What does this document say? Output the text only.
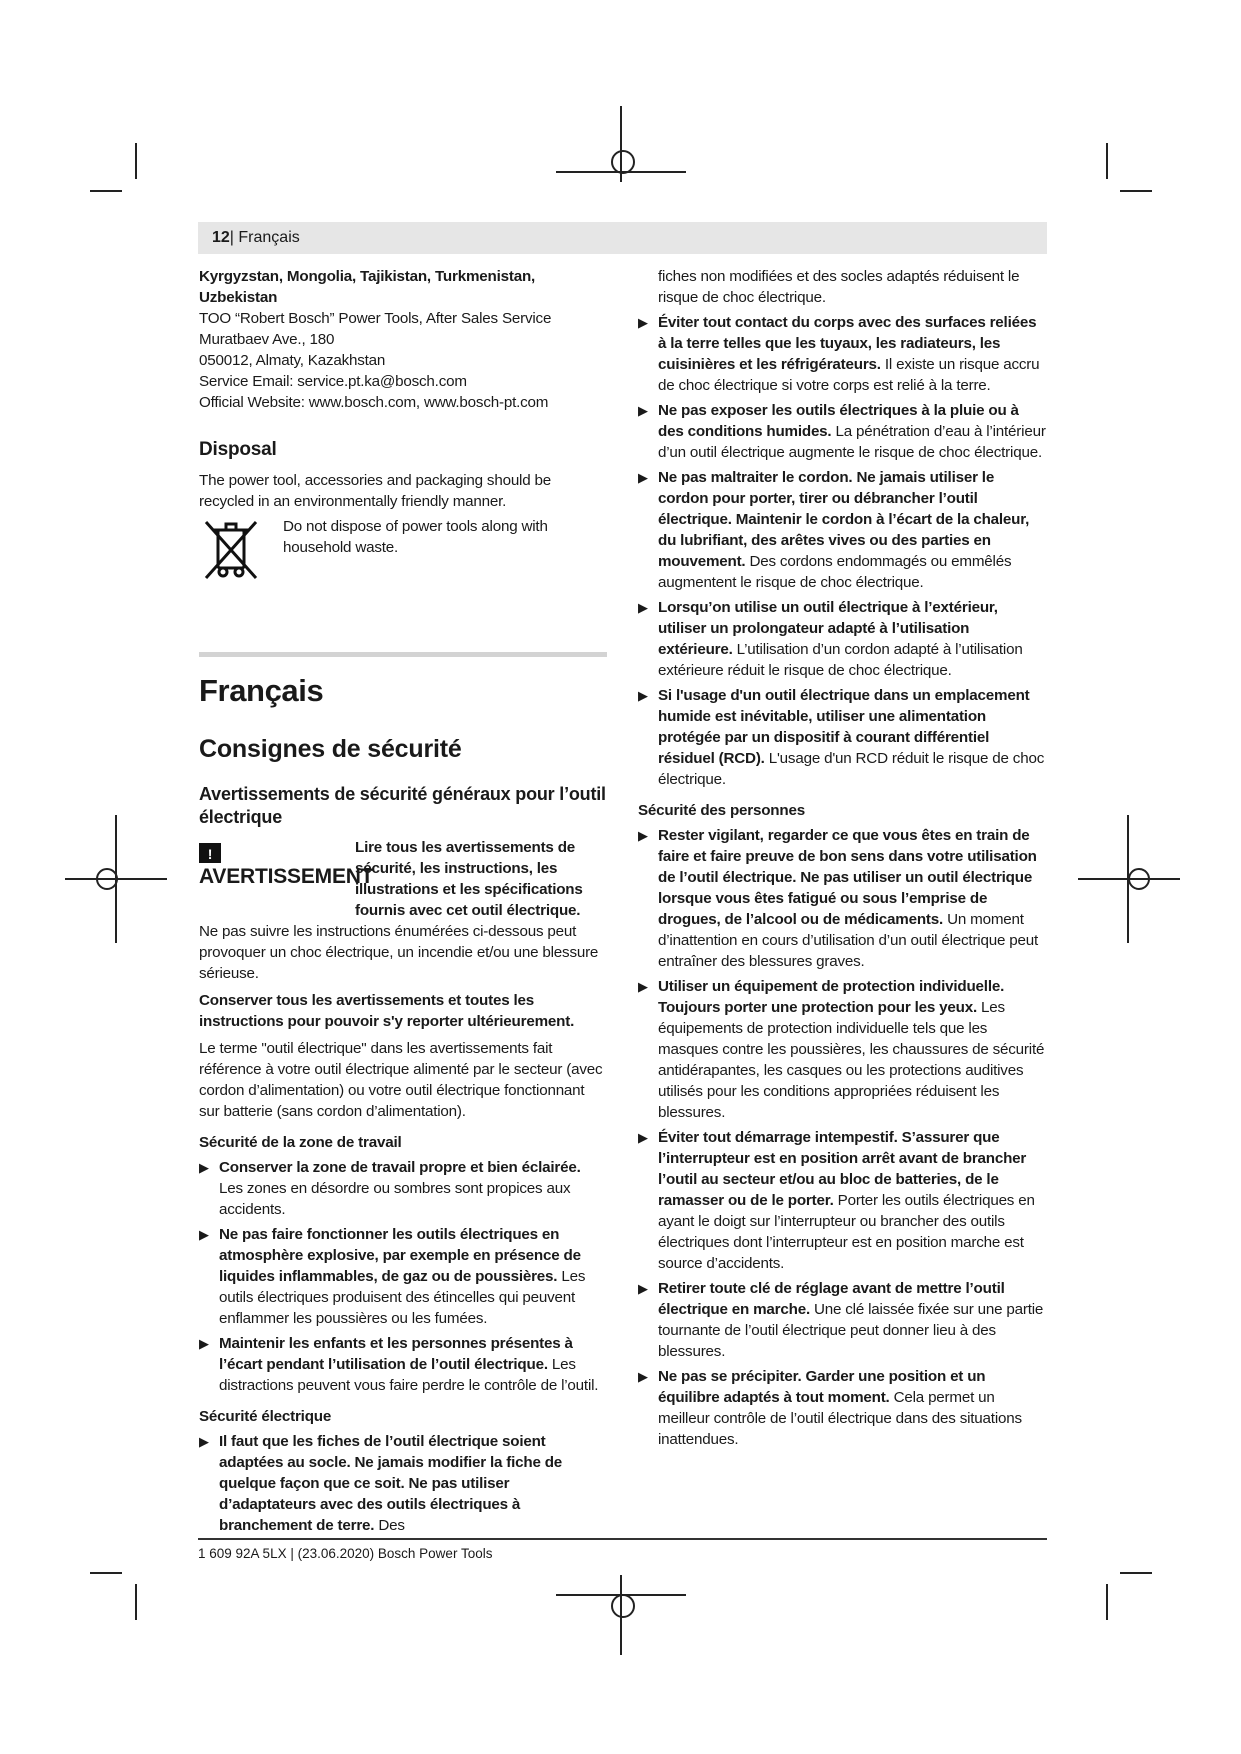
12| Français

Kyrgyzstan, Mongolia, Tajikistan, Turkmenistan, Uzbekistan

TOO “Robert Bosch” Power Tools, After Sales Service

Muratbaev Ave., 180

050012, Almaty, Kazakhstan

Service Email: service.pt.ka@bosch.com

Official Website: www.bosch.com, www.bosch-pt.com

Disposal

The power tool, accessories and packaging should be recycled in an environmentally friendly manner.

Do not dispose of power tools along with household waste.

Français
Consignes de sécurité
Avertissements de sécurité généraux pour l’outil électrique
!AVERTISSEMENT

Lire tous les avertissements de sécurité, les instructions, les illustrations et les spécifications fournis avec cet outil électrique.

Ne pas suivre les instructions énumérées ci-dessous peut provoquer un choc électrique, un incendie et/ou une blessure sérieuse.

Conserver tous les avertissements et toutes les instructions pour pouvoir s'y reporter ultérieurement.

Le terme "outil électrique" dans les avertissements fait référence à votre outil électrique alimenté par le secteur (avec cordon d’alimentation) ou votre outil électrique fonctionnant sur batterie (sans cordon d’alimentation).

Sécurité de la zone de travail

▶ Conserver la zone de travail propre et bien éclairée. Les zones en désordre ou sombres sont propices aux accidents.
▶ Ne pas faire fonctionner les outils électriques en atmosphère explosive, par exemple en présence de liquides inflammables, de gaz ou de poussières. Les outils électriques produisent des étincelles qui peuvent enflammer les poussières ou les fumées.
▶ Maintenir les enfants et les personnes présentes à l’écart pendant l’utilisation de l’outil électrique. Les distractions peuvent vous faire perdre le contrôle de l’outil.

Sécurité électrique

▶ Il faut que les fiches de l’outil électrique soient adaptées au socle. Ne jamais modifier la fiche de quelque façon que ce soit. Ne pas utiliser d’adaptateurs avec des outils électriques à branchement de terre. Des

fiches non modifiées et des socles adaptés réduisent le risque de choc électrique.

▶ Éviter tout contact du corps avec des surfaces reliées à la terre telles que les tuyaux, les radiateurs, les cuisinières et les réfrigérateurs. Il existe un risque accru de choc électrique si votre corps est relié à la terre.
▶ Ne pas exposer les outils électriques à la pluie ou à des conditions humides. La pénétration d’eau à l’intérieur d’un outil électrique augmente le risque de choc électrique.
▶ Ne pas maltraiter le cordon. Ne jamais utiliser le cordon pour porter, tirer ou débrancher l’outil électrique. Maintenir le cordon à l’écart de la chaleur, du lubrifiant, des arêtes vives ou des parties en mouvement. Des cordons endommagés ou emmêlés augmentent le risque de choc électrique.
▶ Lorsqu’on utilise un outil électrique à l’extérieur, utiliser un prolongateur adapté à l’utilisation extérieure. L’utilisation d’un cordon adapté à l’utilisation extérieure réduit le risque de choc électrique.
▶ Si l'usage d'un outil électrique dans un emplacement humide est inévitable, utiliser une alimentation protégée par un dispositif à courant différentiel résiduel (RCD). L'usage d'un RCD réduit le risque de choc électrique.

Sécurité des personnes

▶ Rester vigilant, regarder ce que vous êtes en train de faire et faire preuve de bon sens dans votre utilisation de l’outil électrique. Ne pas utiliser un outil électrique lorsque vous êtes fatigué ou sous l’emprise de drogues, de l’alcool ou de médicaments. Un moment d’inattention en cours d’utilisation d’un outil électrique peut entraîner des blessures graves.
▶ Utiliser un équipement de protection individuelle. Toujours porter une protection pour les yeux. Les équipements de protection individuelle tels que les masques contre les poussières, les chaussures de sécurité antidérapantes, les casques ou les protections auditives utilisés pour les conditions appropriées réduisent les blessures.
▶ Éviter tout démarrage intempestif. S’assurer que l’interrupteur est en position arrêt avant de brancher l’outil au secteur et/ou au bloc de batteries, de le ramasser ou de le porter. Porter les outils électriques en ayant le doigt sur l’interrupteur ou brancher des outils électriques dont l’interrupteur est en position marche est source d’accidents.
▶ Retirer toute clé de réglage avant de mettre l’outil électrique en marche. Une clé laissée fixée sur une partie tournante de l’outil électrique peut donner lieu à des blessures.
▶ Ne pas se précipiter. Garder une position et un équilibre adaptés à tout moment. Cela permet un meilleur contrôle de l’outil électrique dans des situations inattendues.
1 609 92A 5LX | (23.06.2020) Bosch Power Tools
